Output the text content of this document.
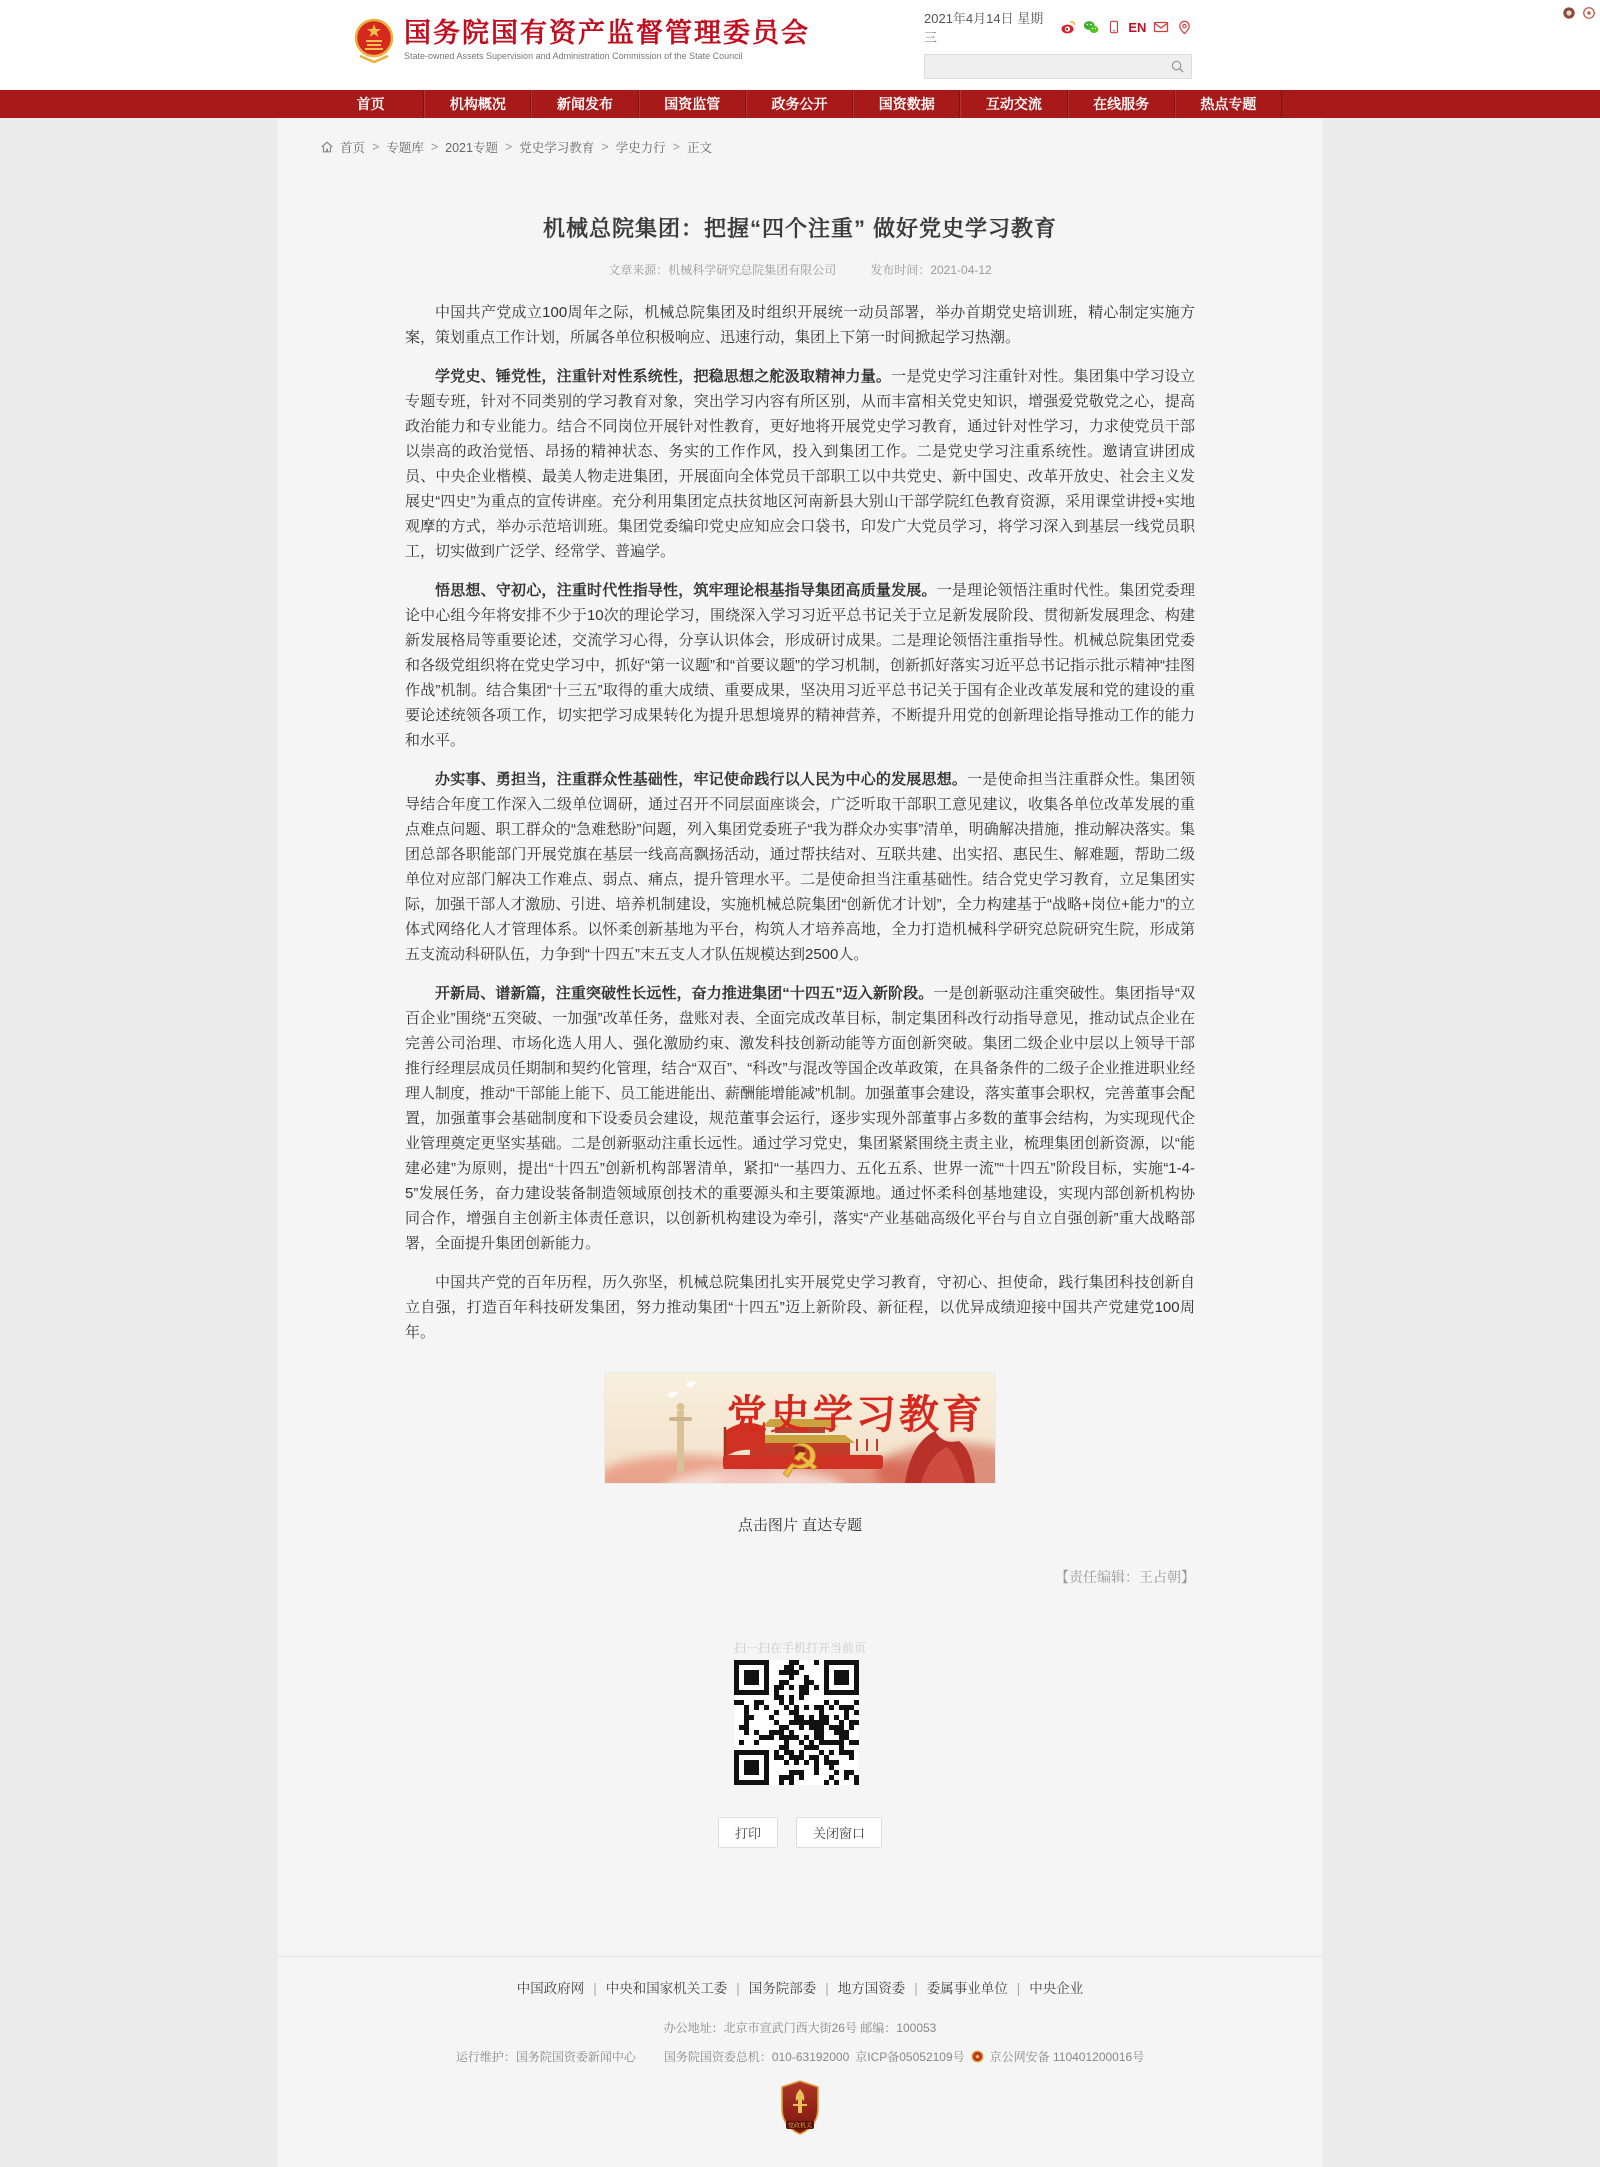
国务院国有资产监督管理委员会
State-owned Assets Supervision and Administration Commission of the State Council
2021年4月14日 星期三
EN
首页	机构概况	新闻发布	国资监管	政务公开	国资数据	互动交流	在线服务	热点专题
首页 > 专题库 > 2021专题 > 党史学习教育 > 学史力行 > 正文
机械总院集团：把握“四个注重” 做好党史学习教育
文章来源：机械科学研究总院集团有限公司	发布时间：2021-04-12

中国共产党成立100周年之际，机械总院集团及时组织开展统一动员部署，举办首期党史培训班，精心制定实施方案，策划重点工作计划，所属各单位积极响应、迅速行动，集团上下第一时间掀起学习热潮。

学党史、锤党性，注重针对性系统性，把稳思想之舵汲取精神力量。一是党史学习注重针对性。集团集中学习设立专题专班，针对不同类别的学习教育对象，突出学习内容有所区别，从而丰富相关党史知识，增强爱党敬党之心，提高政治能力和专业能力。结合不同岗位开展针对性教育，更好地将开展党史学习教育，通过针对性学习，力求使党员干部以崇高的政治觉悟、昂扬的精神状态、务实的工作作风，投入到集团工作。二是党史学习注重系统性。邀请宣讲团成员、中央企业楷模、最美人物走进集团，开展面向全体党员干部职工以中共党史、新中国史、改革开放史、社会主义发展史“四史”为重点的宣传讲座。充分利用集团定点扶贫地区河南新县大别山干部学院红色教育资源，采用课堂讲授+实地观摩的方式，举办示范培训班。集团党委编印党史应知应会口袋书，印发广大党员学习，将学习深入到基层一线党员职工，切实做到广泛学、经常学、普遍学。

悟思想、守初心，注重时代性指导性，筑牢理论根基指导集团高质量发展。一是理论领悟注重时代性。集团党委理论中心组今年将安排不少于10次的理论学习，围绕深入学习习近平总书记关于立足新发展阶段、贯彻新发展理念、构建新发展格局等重要论述，交流学习心得，分享认识体会，形成研讨成果。二是理论领悟注重指导性。机械总院集团党委和各级党组织将在党史学习中，抓好“第一议题”和“首要议题”的学习机制，创新抓好落实习近平总书记指示批示精神“挂图作战”机制。结合集团“十三五”取得的重大成绩、重要成果，坚决用习近平总书记关于国有企业改革发展和党的建设的重要论述统领各项工作，切实把学习成果转化为提升思想境界的精神营养，不断提升用党的创新理论指导推动工作的能力和水平。

办实事、勇担当，注重群众性基础性，牢记使命践行以人民为中心的发展思想。一是使命担当注重群众性。集团领导结合年度工作深入二级单位调研，通过召开不同层面座谈会，广泛听取干部职工意见建议，收集各单位改革发展的重点难点问题、职工群众的“急难愁盼”问题，列入集团党委班子“我为群众办实事”清单，明确解决措施，推动解决落实。集团总部各职能部门开展党旗在基层一线高高飘扬活动，通过帮扶结对、互联共建、出实招、惠民生、解难题，帮助二级单位对应部门解决工作难点、弱点、痛点，提升管理水平。二是使命担当注重基础性。结合党史学习教育，立足集团实际，加强干部人才激励、引进、培养机制建设，实施机械总院集团“创新优才计划”，全力构建基于“战略+岗位+能力”的立体式网络化人才管理体系。以怀柔创新基地为平台，构筑人才培养高地，全力打造机械科学研究总院研究生院，形成第五支流动科研队伍，力争到“十四五”末五支人才队伍规模达到2500人。

开新局、谱新篇，注重突破性长远性，奋力推进集团“十四五”迈入新阶段。一是创新驱动注重突破性。集团指导“双百企业”围绕“五突破、一加强”改革任务，盘账对表、全面完成改革目标，制定集团科改行动指导意见，推动试点企业在完善公司治理、市场化选人用人、强化激励约束、激发科技创新动能等方面创新突破。集团二级企业中层以上领导干部推行经理层成员任期制和契约化管理，结合“双百”、“科改”与混改等国企改革政策，在具备条件的二级子企业推进职业经理人制度，推动“干部能上能下、员工能进能出、薪酬能增能减”机制。加强董事会建设，落实董事会职权，完善董事会配置，加强董事会基础制度和下设委员会建设，规范董事会运行，逐步实现外部董事占多数的董事会结构，为实现现代企业管理奠定更坚实基础。二是创新驱动注重长远性。通过学习党史，集团紧紧围绕主责主业，梳理集团创新资源，以“能建必建”为原则，提出“十四五”创新机构部署清单，紧扣“一基四力、五化五系、世界一流”“十四五”阶段目标，实施“1-4-5”发展任务，奋力建设装备制造领域原创技术的重要源头和主要策源地。通过怀柔科创基地建设，实现内部创新机构协同合作，增强自主创新主体责任意识，以创新机构建设为牵引，落实“产业基础高级化平台与自立自强创新”重大战略部署，全面提升集团创新能力。

中国共产党的百年历程，历久弥坚，机械总院集团扎实开展党史学习教育，守初心、担使命，践行集团科技创新自立自强，打造百年科技研发集团，努力推动集团“十四五”迈上新阶段、新征程，以优异成绩迎接中国共产党建党100周年。

☭
党史学习教育
点击图片 直达专题
【责任编辑：王占朝】
扫一扫在手机打开当前页
打印	关闭窗口
中国政府网 | 中央和国家机关工委 | 国务院部委 | 地方国资委 | 委属事业单位 | 中央企业
办公地址：北京市宣武门西大街26号 邮编：100053
运行维护：国务院国资委新闻中心 国务院国资委总机：010-63192000 京ICP备05052109号 京公网安备 110401200016号
党政机关
